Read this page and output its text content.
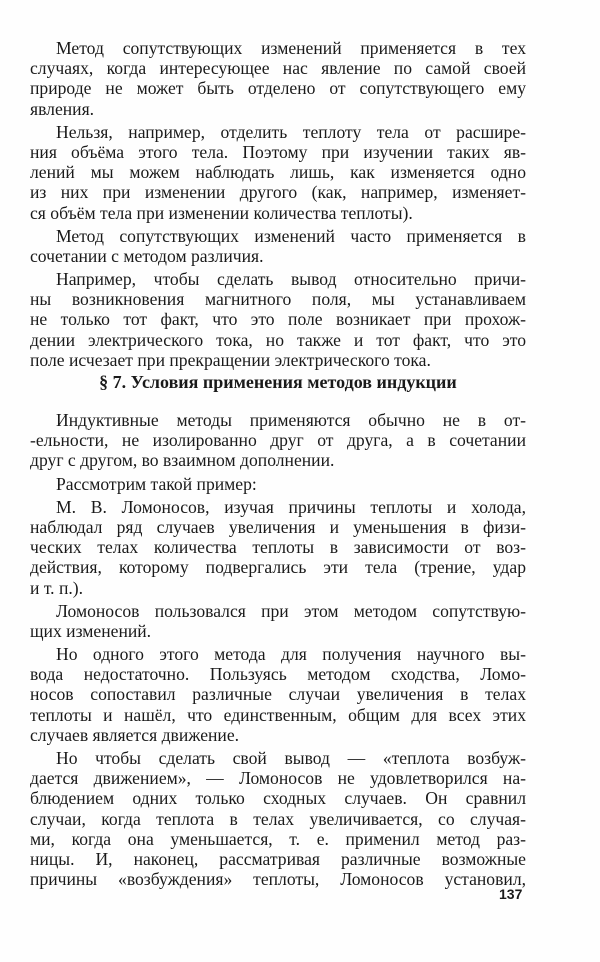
Метод сопутствующих изменений применяется в тех
случаях, когда интересующее нас явление по самой своей
природе не может быть отделено от сопутствующего ему
явления.
Нельзя, например, отделить теплоту тела от расшире-
ния объёма этого тела. Поэтому при изучении таких яв-
лений мы можем наблюдать лишь, как изменяется одно
из них при изменении другого (как, например, изменяет-
ся объём тела при изменении количества теплоты).
Метод сопутствующих изменений часто применяется в
сочетании с методом различия.
Например, чтобы сделать вывод относительно причи-
ны возникновения магнитного поля, мы устанавливаем
не только тот факт, что это поле возникает при прохож-
дении электрического тока, но также и тот факт, что это
поле исчезает при прекращении электрического тока.
§ 7. Условия применения методов индукции
Индуктивные методы применяются обычно не в от-
-ельности, не изолированно друг от друга, а в сочетании
друг с другом, во взаимном дополнении.
Рассмотрим такой пример:
М. В. Ломоносов, изучая причины теплоты и холода,
наблюдал ряд случаев увеличения и уменьшения в физи-
ческих телах количества теплоты в зависимости от воз-
действия, которому подвергались эти тела (трение, удар
и т. п.).
Ломоносов пользовался при этом методом сопутствую-
щих изменений.
Но одного этого метода для получения научного вы-
вода недостаточно. Пользуясь методом сходства, Ломо-
носов сопоставил различные случаи увеличения в телах
теплоты и нашёл, что единственным, общим для всех этих
случаев является движение.
Но чтобы сделать свой вывод — «теплота возбуж-
дается движением», — Ломоносов не удовлетворился на-
блюдением одних только сходных случаев. Он сравнил
случаи, когда теплота в телах увеличивается, со случая-
ми, когда она уменьшается, т. е. применил метод раз-
ницы. И, наконец, рассматривая различные возможные
причины «возбуждения» теплоты, Ломоносов установил,
137
